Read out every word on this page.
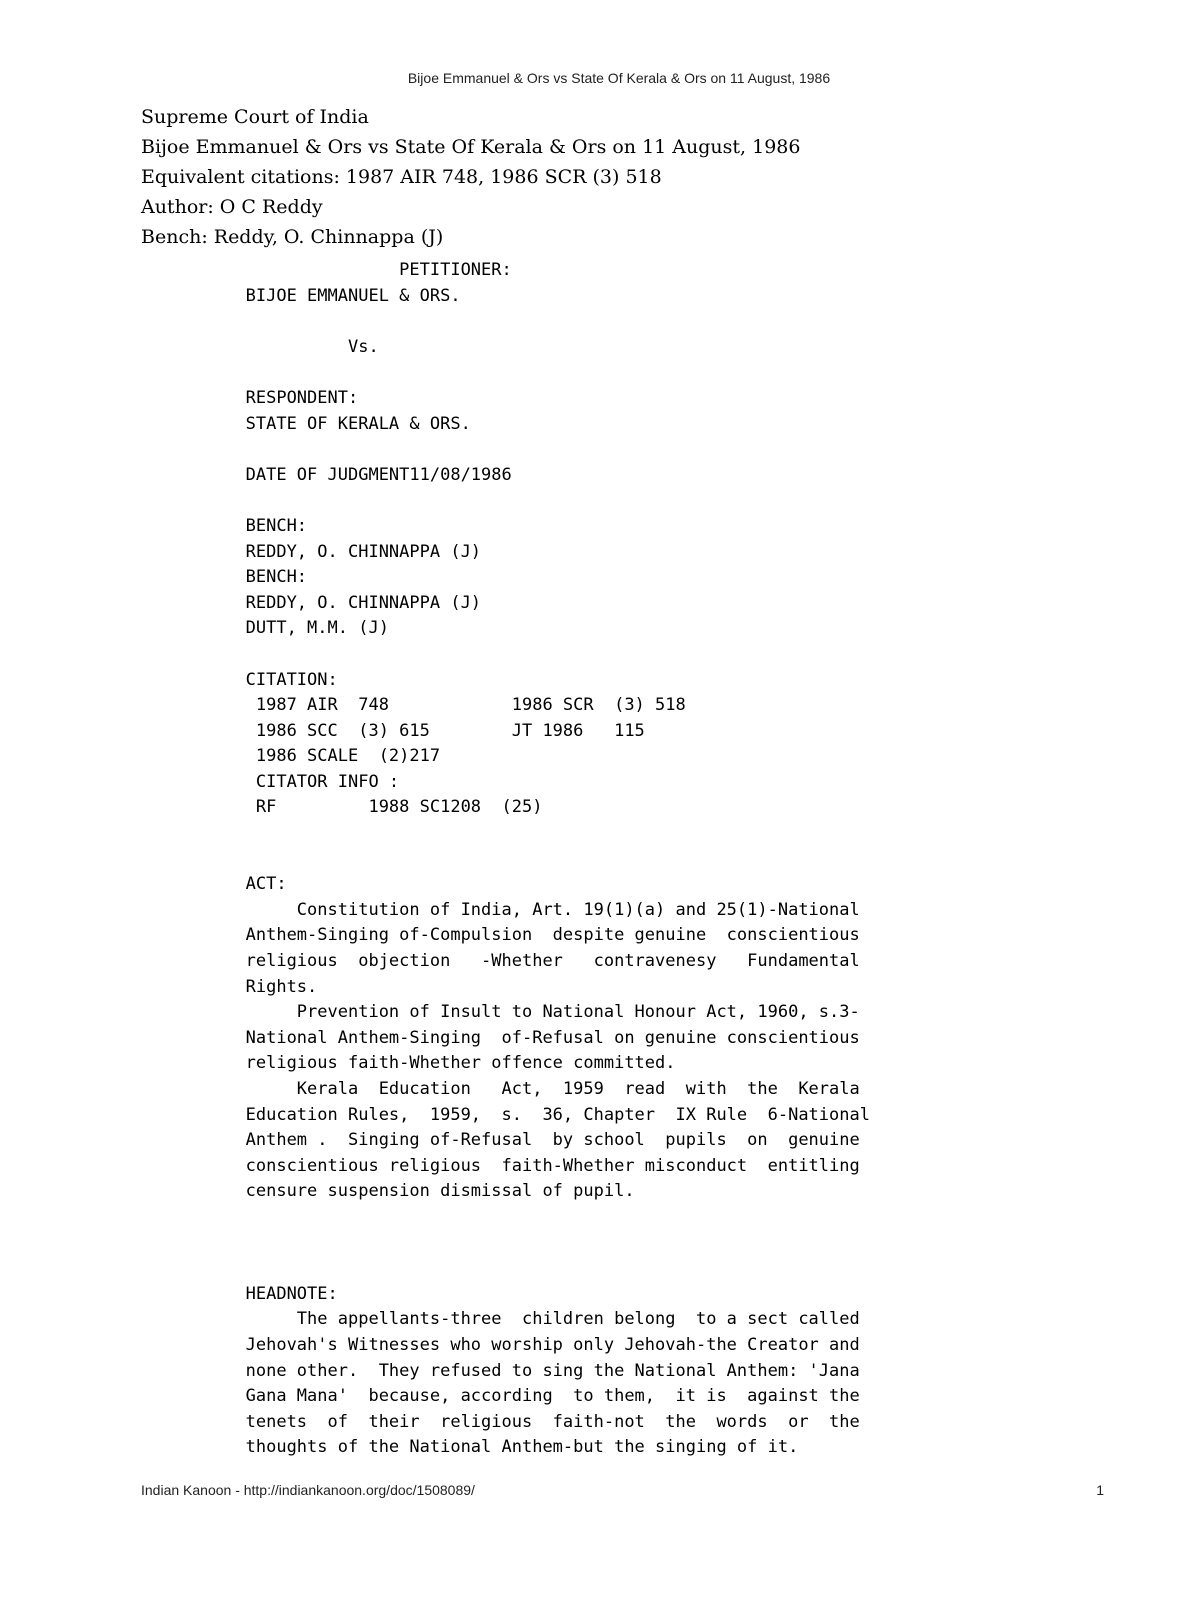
Bijoe Emmanuel & Ors vs State Of Kerala & Ors on 11 August, 1986
Supreme Court of India
Bijoe Emmanuel & Ors vs State Of Kerala & Ors on 11 August, 1986
Equivalent citations: 1987 AIR 748, 1986 SCR (3) 518
Author: O C Reddy
Bench: Reddy, O. Chinnappa (J)
PETITIONER:
BIJOE EMMANUEL & ORS.
Vs.
RESPONDENT:
STATE OF KERALA & ORS.
DATE OF JUDGMENT11/08/1986
BENCH:
REDDY, O. CHINNAPPA (J)
BENCH:
REDDY, O. CHINNAPPA (J)
DUTT, M.M. (J)
CITATION:
1987 AIR  748            1986 SCR  (3) 518
1986 SCC  (3) 615        JT 1986   115
1986 SCALE  (2)217
CITATOR INFO :
RF         1988 SC1208  (25)
ACT:
Constitution of India, Art. 19(1)(a) and 25(1)-National
Anthem-Singing of-Compulsion  despite genuine  conscientious
religious  objection   -Whether   contravenesy   Fundamental
Rights.
Prevention of Insult to National Honour Act, 1960, s.3-
National Anthem-Singing  of-Refusal on genuine conscientious
religious faith-Whether offence committed.
Kerala  Education   Act,  1959  read  with  the  Kerala
Education Rules,  1959,  s.  36, Chapter  IX Rule  6-National
Anthem .  Singing of-Refusal  by school  pupils  on  genuine
conscientious religious  faith-Whether misconduct  entitling
censure suspension dismissal of pupil.
HEADNOTE:
The appellants-three  children belong  to a sect called
Jehovah's Witnesses who worship only Jehovah-the Creator and
none other.  They refused to sing the National Anthem: 'Jana
Gana Mana'  because, according  to them,  it is  against the
tenets  of  their  religious  faith-not  the  words  or  the
thoughts of the National Anthem-but the singing of it.
Indian Kanoon - http://indiankanoon.org/doc/1508089/	1
